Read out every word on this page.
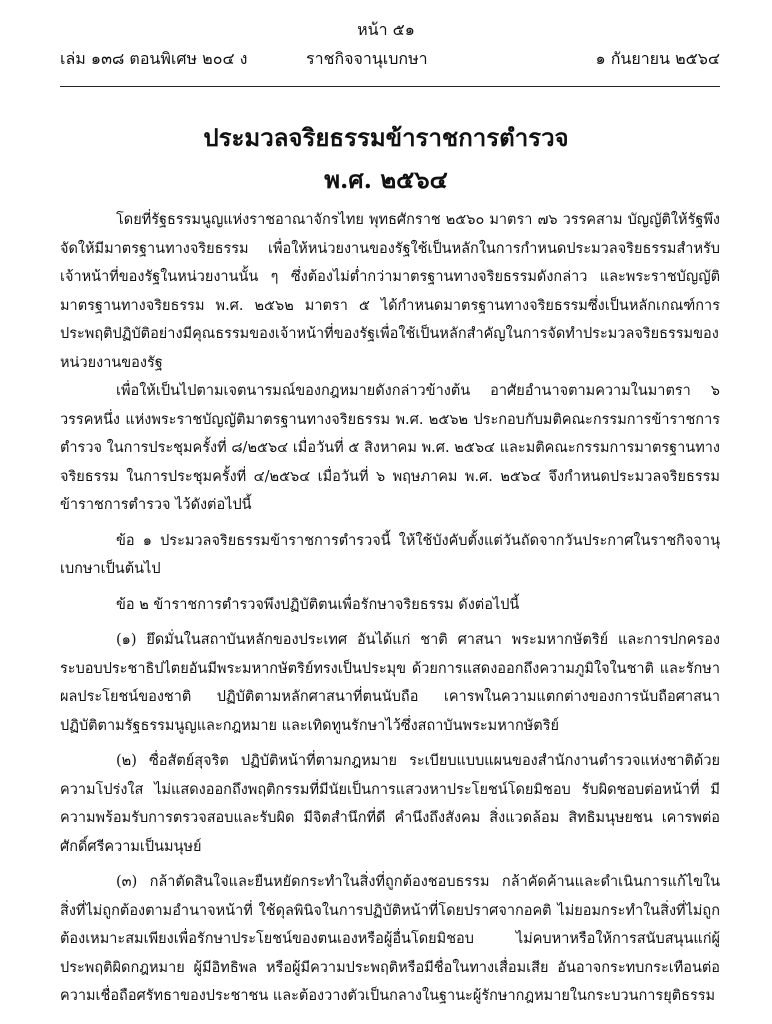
หน้า ๕๑
เล่ม ๑๓๘ ตอนพิเศษ ๒๐๔ ง	ราชกิจจานุเบกษา	๑ กันยายน ๒๕๖๔
ประมวลจริยธรรมข้าราชการตำรวจ
พ.ศ. ๒๕๖๔

โดยที่รัฐธรรมนูญแห่งราชอาณาจักรไทย พุทธศักราช ๒๕๖๐ มาตรา ๗๖ วรรคสาม บัญญัติให้รัฐพึงจัดให้มีมาตรฐานทางจริยธรรม เพื่อให้หน่วยงานของรัฐใช้เป็นหลักในการกำหนดประมวลจริยธรรมสำหรับเจ้าหน้าที่ของรัฐในหน่วยงานนั้น ๆ ซึ่งต้องไม่ต่ำกว่ามาตรฐานทางจริยธรรมดังกล่าว และพระราชบัญญัติมาตรฐานทางจริยธรรม พ.ศ. ๒๕๖๒ มาตรา ๕ ได้กำหนดมาตรฐานทางจริยธรรมซึ่งเป็นหลักเกณฑ์การประพฤติปฏิบัติอย่างมีคุณธรรมของเจ้าหน้าที่ของรัฐเพื่อใช้เป็นหลักสำคัญในการจัดทำประมวลจริยธรรมของหน่วยงานของรัฐ

เพื่อให้เป็นไปตามเจตนารมณ์ของกฎหมายดังกล่าวข้างต้น อาศัยอำนาจตามความในมาตรา ๖ วรรคหนึ่ง แห่งพระราชบัญญัติมาตรฐานทางจริยธรรม พ.ศ. ๒๕๖๒ ประกอบกับมติคณะกรรมการข้าราชการตำรวจ ในการประชุมครั้งที่ ๘/๒๕๖๔ เมื่อวันที่ ๕ สิงหาคม พ.ศ. ๒๕๖๔ และมติคณะกรรมการมาตรฐานทางจริยธรรม ในการประชุมครั้งที่ ๔/๒๕๖๔ เมื่อวันที่ ๖ พฤษภาคม พ.ศ. ๒๕๖๔ จึงกำหนดประมวลจริยธรรมข้าราชการตำรวจ ไว้ดังต่อไปนี้

ข้อ ๑ ประมวลจริยธรรมข้าราชการตำรวจนี้ ให้ใช้บังคับตั้งแต่วันถัดจากวันประกาศในราชกิจจานุเบกษาเป็นต้นไป

ข้อ ๒ ข้าราชการตำรวจพึงปฏิบัติตนเพื่อรักษาจริยธรรม ดังต่อไปนี้

(๑) ยึดมั่นในสถาบันหลักของประเทศ อันได้แก่ ชาติ ศาสนา พระมหากษัตริย์ และการปกครองระบอบประชาธิปไตยอันมีพระมหากษัตริย์ทรงเป็นประมุข ด้วยการแสดงออกถึงความภูมิใจในชาติ และรักษาผลประโยชน์ของชาติ ปฏิบัติตามหลักศาสนาที่ตนนับถือ เคารพในความแตกต่างของการนับถือศาสนา ปฏิบัติตามรัฐธรรมนูญและกฎหมาย และเทิดทูนรักษาไว้ซึ่งสถาบันพระมหากษัตริย์

(๒) ซื่อสัตย์สุจริต ปฏิบัติหน้าที่ตามกฎหมาย ระเบียบแบบแผนของสำนักงานตำรวจแห่งชาติด้วยความโปร่งใส ไม่แสดงออกถึงพฤติกรรมที่มีนัยเป็นการแสวงหาประโยชน์โดยมิชอบ รับผิดชอบต่อหน้าที่ มีความพร้อมรับการตรวจสอบและรับผิด มีจิตสำนึกที่ดี คำนึงถึงสังคม สิ่งแวดล้อม สิทธิมนุษยชน เคารพต่อศักดิ์ศรีความเป็นมนุษย์

(๓) กล้าตัดสินใจและยืนหยัดกระทำในสิ่งที่ถูกต้องชอบธรรม กล้าคัดค้านและดำเนินการแก้ไขในสิ่งที่ไม่ถูกต้องตามอำนาจหน้าที่ ใช้ดุลพินิจในการปฏิบัติหน้าที่โดยปราศจากอคติ ไม่ยอมกระทำในสิ่งที่ไม่ถูกต้องเหมาะสมเพียงเพื่อรักษาประโยชน์ของตนเองหรือผู้อื่นโดยมิชอบ ไม่คบหาหรือให้การสนับสนุนแก่ผู้ประพฤติผิดกฎหมาย ผู้มีอิทธิพล หรือผู้มีความประพฤติหรือมีชื่อในทางเสื่อมเสีย อันอาจกระทบกระเทือนต่อความเชื่อถือศรัทธาของประชาชน และต้องวางตัวเป็นกลางในฐานะผู้รักษากฎหมายในกระบวนการยุติธรรม
